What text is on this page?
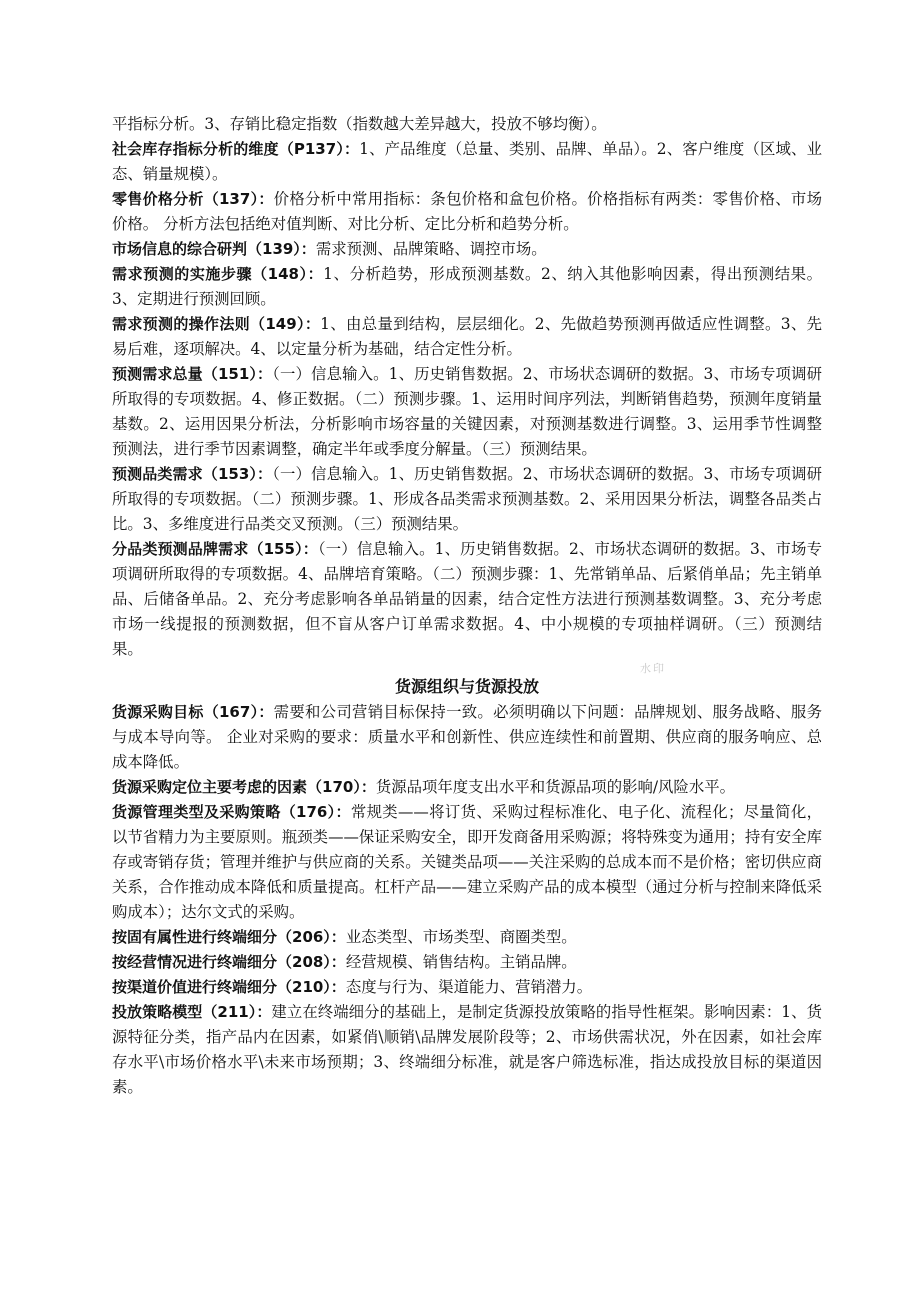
平指标分析。3、存销比稳定指数（指数越大差异越大，投放不够均衡）。

社会库存指标分析的维度（P137）：1、产品维度（总量、类别、品牌、单品）。2、客户维度（区域、业态、销量规模）。

零售价格分析（137）：价格分析中常用指标：条包价格和盒包价格。价格指标有两类：零售价格、市场价格。 分析方法包括绝对值判断、对比分析、定比分析和趋势分析。

市场信息的综合研判（139）：需求预测、品牌策略、调控市场。

需求预测的实施步骤（148）：1、分析趋势，形成预测基数。2、纳入其他影响因素，得出预测结果。3、定期进行预测回顾。

需求预测的操作法则（149）：1、由总量到结构，层层细化。2、先做趋势预测再做适应性调整。3、先易后难，逐项解决。4、以定量分析为基础，结合定性分析。

预测需求总量（151）：（一）信息输入。1、历史销售数据。2、市场状态调研的数据。3、市场专项调研所取得的专项数据。4、修正数据。（二）预测步骤。1、运用时间序列法，判断销售趋势，预测年度销量基数。2、运用因果分析法，分析影响市场容量的关键因素，对预测基数进行调整。3、运用季节性调整预测法，进行季节因素调整，确定半年或季度分解量。（三）预测结果。

预测品类需求（153）：（一）信息输入。1、历史销售数据。2、市场状态调研的数据。3、市场专项调研所取得的专项数据。（二）预测步骤。1、形成各品类需求预测基数。2、采用因果分析法，调整各品类占比。3、多维度进行品类交叉预测。（三）预测结果。

分品类预测品牌需求（155）：（一）信息输入。1、历史销售数据。2、市场状态调研的数据。3、市场专项调研所取得的专项数据。4、品牌培育策略。（二）预测步骤：1、先常销单品、后紧俏单品；先主销单品、后储备单品。2、充分考虑影响各单品销量的因素，结合定性方法进行预测基数调整。3、充分考虑市场一线提报的预测数据，但不盲从客户订单需求数据。4、中小规模的专项抽样调研。（三）预测结果。

货源组织与货源投放

货源采购目标（167）：需要和公司营销目标保持一致。必须明确以下问题：品牌规划、服务战略、服务与成本导向等。 企业对采购的要求：质量水平和创新性、供应连续性和前置期、供应商的服务响应、总成本降低。

货源采购定位主要考虑的因素（170）：货源品项年度支出水平和货源品项的影响/风险水平。

货源管理类型及采购策略（176）：常规类——将订货、采购过程标准化、电子化、流程化；尽量简化，以节省精力为主要原则。瓶颈类——保证采购安全，即开发商备用采购源；将特殊变为通用；持有安全库存或寄销存货；管理并维护与供应商的关系。关键类品项——关注采购的总成本而不是价格；密切供应商关系，合作推动成本降低和质量提高。杠杆产品——建立采购产品的成本模型（通过分析与控制来降低采购成本）；达尔文式的采购。

按固有属性进行终端细分（206）：业态类型、市场类型、商圈类型。

按经营情况进行终端细分（208）：经营规模、销售结构。主销品牌。

按渠道价值进行终端细分（210）：态度与行为、渠道能力、营销潜力。

投放策略模型（211）：建立在终端细分的基础上，是制定货源投放策略的指导性框架。影响因素：1、货源特征分类，指产品内在因素，如紧俏\顺销\品牌发展阶段等；2、市场供需状况，外在因素，如社会库存水平\市场价格水平\未来市场预期；3、终端细分标准，就是客户筛选标准，指达成投放目标的渠道因素。

水印
